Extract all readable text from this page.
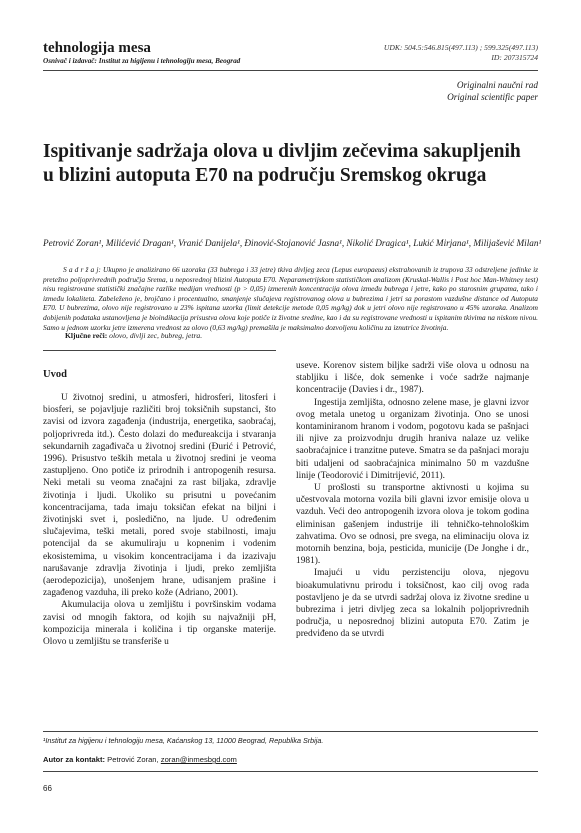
tehnologija mesa
Osnivač i izdavač: Institut za higijenu i tehnologiju mesa, Beograd
UDK: 504.5:546.815(497.113) ; 599.325(497.113)
ID: 207315724
Originalni naučni rad
Original scientific paper
Ispitivanje sadržaja olova u divljim zečevima sakupljenih u blizini autoputa E70 na području Sremskog okruga
Petrović Zoran¹, Milićević Dragan¹, Vranić Danijela¹, Đinović-Stojanović Jasna¹, Nikolić Dragica¹, Lukić Mirjana¹, Milijašević Milan¹
S a d r ž a j: Ukupno je analizirano 66 uzoraka (33 bubrega i 33 jetre) tkiva divljeg zeca (Lepus europaeus) ekstrahovanih iz trupova 33 odstreljene jedinke iz pretežno poljoprivrednih područja Srema, u neposrednoj blizini Autoputa E70. Neparametrijskom statističkom analizom (Kruskal-Wallis i Post hoc Man-Whitney test) nisu registrovane statistički značajne razlike medijan vrednosti (p > 0,05) izmerenih koncentracija olova između bubrega i jetre, kako po starosnim grupama, tako i između lokaliteta. Zabeleženo je, brojčano i procentualno, smanjenje slučajeva registrovanog olova u bubrezima i jetri sa porastom vazdušne distance od Autoputa E70. U bubrezima, olovo nije registrovano u 23% ispitana uzorka (limit detekcije metode 0,05 mg/kg) dok u jetri olovo nije registrovano u 45% uzoraka. Analizom dobijenih podataka ustanovljena je bioindikacija prisustva olova koje potiče iz životne sredine, kao i da su registrovane vrednosti u ispitanim tkivima na niskom nivou. Samo u jednom uzorku jetre izmerena vrednost za olovo (0,63 mg/kg) premašila je maksimalno dozvoljenu količinu za iznutrice životinja.
Ključne reči: olovo, divlji zec, bubreg, jetra.
Uvod

U životnoj sredini, u atmosferi, hidrosferi, litosferi i biosferi, se pojavljuje različiti broj toksičnih supstanci, što zavisi od izvora zagađenja (industrija, energetika, saobraćaj, poljoprivreda itd.). Često dolazi do međureakcija i stvaranja sekundarnih zagađivača u životnoj sredini (Đurić i Petrović, 1996). Prisustvo teških metala u životnoj sredini je veoma zastupljeno. Ono potiče iz prirodnih i antropogenih resursa. Neki metali su veoma značajni za rast biljaka, zdravlje životinja i ljudi. Ukoliko su prisutni u povećanim koncentracijama, tada imaju toksičan efekat na biljni i životinjski svet i, posledično, na ljude. U određenim slučajevima, teški metali, pored svoje stabilnosti, imaju potencijal da se akumuliraju u kopnenim i vodenim ekosistemima, u visokim koncentracijama i da izazivaju narušavanje zdravlja životinja i ljudi, preko zemljišta (aerodepozicija), unošenjem hrane, udisanjem prašine i zagađenog vazduha, ili preko kože (Adriano, 2001).

Akumulacija olova u zemljištu i površinskim vodama zavisi od mnogih faktora, od kojih su najvažniji pH, kompozicija minerala i količina i tip organske materije. Olovo u zemljištu se transferiše u

useve. Korenov sistem biljke sadrži više olova u odnosu na stabljiku i lišće, dok semenke i voće sadrže najmanje koncentracije (Davies i dr., 1987).

Ingestija zemljišta, odnosno zelene mase, je glavni izvor ovog metala unetog u organizam životinja. Ono se unosi kontaminiranom hranom i vodom, pogotovu kada se pašnjaci ili njive za proizvodnju drugih hraniva nalaze uz velike saobraćajnice i tranzitne puteve. Smatra se da pašnjaci moraju biti udaljeni od saobraćajnica minimalno 50 m vazdušne linije (Teodorović i Dimitrijević, 2011).

U prošlosti su transportne aktivnosti u kojima su učestvovala motorna vozila bili glavni izvor emisije olova u vazduh. Veći deo antropogenih izvora olova je tokom godina eliminisan gašenjem industrije ili tehničko-tehnološkim zahvatima. Ovo se odnosi, pre svega, na eliminaciju olova iz motornih benzina, boja, pesticida, municije (De Jonghe i dr., 1981).

Imajući u vidu perzistenciju olova, njegovu bioakumulativnu prirodu i toksičnost, kao cilj ovog rada postavljeno je da se utvrdi sadržaj olova iz životne sredine u bubrezima i jetri divljeg zeca sa lokalnih poljoprivrednih područja, u neposrednoj blizini autoputa E70. Zatim je predviđeno da se utvrdi

¹Institut za higijenu i tehnologiju mesa, Kaćanskog 13, 11000 Beograd, Republika Srbija.
Autor za kontakt: Petrović Zoran, zoran@inmesbgd.com
66
